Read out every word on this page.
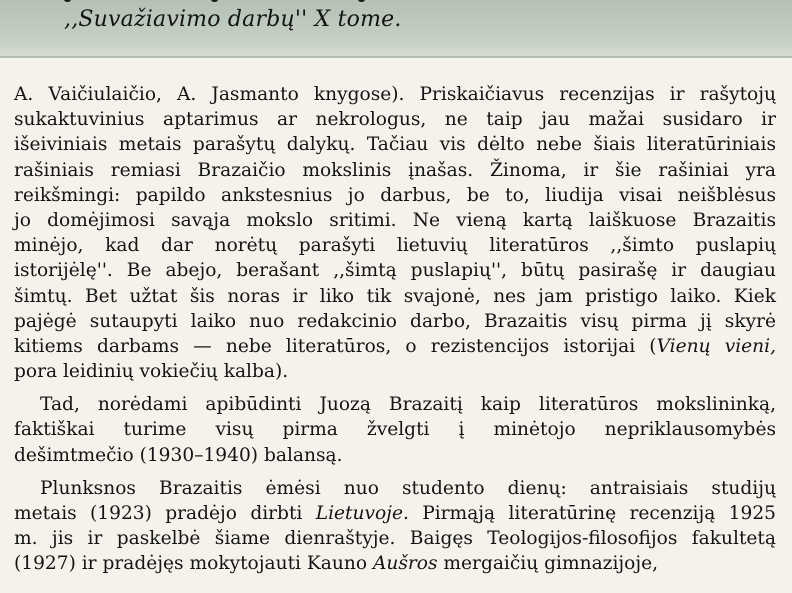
,,Suvažiavimo darbų'' X tome.
A. Vaičiulaičio, A. Jasmanto knygose). Priskaičiavus recenzijas ir rašytojų
sukaktuvinius aptarimus ar nekrologus, ne taip jau mažai susidaro ir
išeiviniais metais parašytų dalykų. Tačiau vis dėlto nebe šiais literatūriniais
rašiniais remiasi Brazaičio mokslinis įnašas. Žinoma, ir šie rašiniai yra
reikšmingi: papildo ankstesnius jo darbus, be to, liudija visai neišblėsus
jo domėjimosi savąja mokslo sritimi. Ne vieną kartą laiškuose Brazaitis
minėjo, kad dar norėtų parašyti lietuvių literatūros ,,šimto puslapių
istorijėlę''. Be abejo, berašant ,,šimtą puslapių'', būtų pasirašę ir daugiau
šimtų. Bet užtat šis noras ir liko tik svajonė, nes jam pristigo laiko. Kiek
pajėgė sutaupyti laiko nuo redakcinio darbo, Brazaitis visų pirma jį skyrė
kitiems darbams — nebe literatūros, o rezistencijos istorijai (Vienų vieni,
pora leidinių vokiečių kalba).
Tad, norėdami apibūdinti Juozą Brazaitį kaip literatūros mokslininką,
faktiškai turime visų pirma žvelgti į minėtojo nepriklausomybės
dešimtmečio (1930–1940) balansą.
Plunksnos Brazaitis ėmėsi nuo studento dienų: antraisiais studijų
metais (1923) pradėjo dirbti Lietuvoje. Pirmąją literatūrinę recenziją 1925
m. jis ir paskelbė šiame dienraštyje. Baigęs Teologijos-filosofijos fakultetą
(1927) ir pradėjęs mokytojauti Kauno Aušros mergaičių gimnazijoje,
